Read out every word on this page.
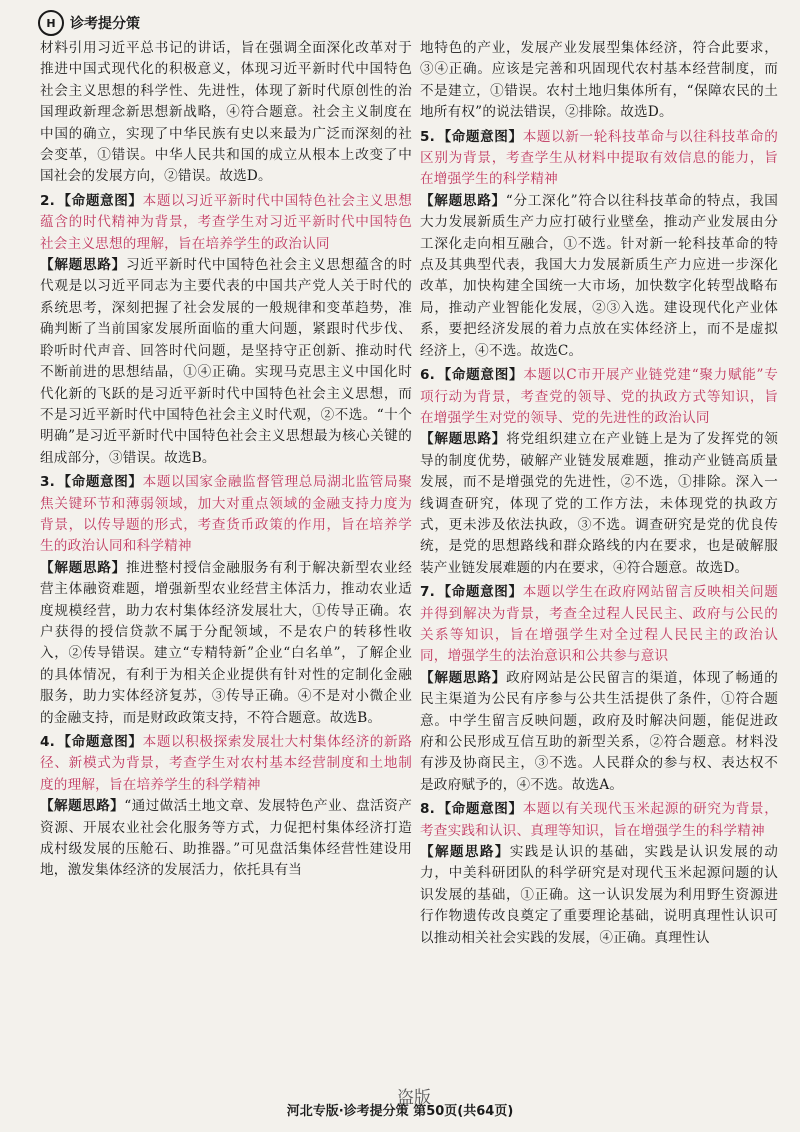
H	诊考提分策

材料引用习近平总书记的讲话，旨在强调全面深化改革对于推进中国式现代化的积极意义，体现习近平新时代中国特色社会主义思想的科学性、先进性，体现了新时代原创性的治国理政新理念新思想新战略，④符合题意。社会主义制度在中国的确立，实现了中华民族有史以来最为广泛而深刻的社会变革，①错误。中华人民共和国的成立从根本上改变了中国社会的发展方向，②错误。故选D。

2. 【命题意图】本题以习近平新时代中国特色社会主义思想蕴含的时代精神为背景，考查学生对习近平新时代中国特色社会主义思想的理解，旨在培养学生的政治认同

【解题思路】习近平新时代中国特色社会主义思想蕴含的时代观是以习近平同志为主要代表的中国共产党人关于时代的系统思考，深刻把握了社会发展的一般规律和变革趋势，准确判断了当前国家发展所面临的重大问题，紧跟时代步伐、聆听时代声音、回答时代问题，是坚持守正创新、推动时代不断前进的思想结晶，①④正确。实现马克思主义中国化时代化新的飞跃的是习近平新时代中国特色社会主义思想，而不是习近平新时代中国特色社会主义时代观，②不选。“十个明确”是习近平新时代中国特色社会主义思想最为核心关键的组成部分，③错误。故选B。

3. 【命题意图】本题以国家金融监督管理总局湖北监管局聚焦关键环节和薄弱领域，加大对重点领域的金融支持力度为背景，以传导题的形式，考查货币政策的作用，旨在培养学生的政治认同和科学精神

【解题思路】推进整村授信金融服务有利于解决新型农业经营主体融资难题，增强新型农业经营主体活力，推动农业适度规模经营，助力农村集体经济发展壮大，①传导正确。农户获得的授信贷款不属于分配领域，不是农户的转移性收入，②传导错误。建立“专精特新”企业“白名单”，了解企业的具体情况，有利于为相关企业提供有针对性的定制化金融服务，助力实体经济复苏，③传导正确。④不是对小微企业的金融支持，而是财政政策支持，不符合题意。故选B。

4. 【命题意图】本题以积极探索发展壮大村集体经济的新路径、新模式为背景，考查学生对农村基本经营制度和土地制度的理解，旨在培养学生的科学精神

【解题思路】“通过做活土地文章、发展特色产业、盘活资产资源、开展农业社会化服务等方式，力促把村集体经济打造成村级发展的压舱石、助推器。”可见盘活集体经营性建设用地，激发集体经济的发展活力，依托具有当

地特色的产业，发展产业发展型集体经济，符合此要求，③④正确。应该是完善和巩固现代农村基本经营制度，而不是建立，①错误。农村土地归集体所有，“保障农民的土地所有权”的说法错误，②排除。故选D。

5. 【命题意图】本题以新一轮科技革命与以往科技革命的区别为背景，考查学生从材料中提取有效信息的能力，旨在增强学生的科学精神

【解题思路】“分工深化”符合以往科技革命的特点，我国大力发展新质生产力应打破行业壁垒，推动产业发展由分工深化走向相互融合，①不选。针对新一轮科技革命的特点及其典型代表，我国大力发展新质生产力应进一步深化改革，加快构建全国统一大市场，加快数字化转型战略布局，推动产业智能化发展，②③入选。建设现代化产业体系，要把经济发展的着力点放在实体经济上，而不是虚拟经济上，④不选。故选C。

6. 【命题意图】本题以C市开展产业链党建“聚力赋能”专项行动为背景，考查党的领导、党的执政方式等知识，旨在增强学生对党的领导、党的先进性的政治认同

【解题思路】将党组织建立在产业链上是为了发挥党的领导的制度优势，破解产业链发展难题，推动产业链高质量发展，而不是增强党的先进性，②不选，①排除。深入一线调查研究，体现了党的工作方法，未体现党的执政方式，更未涉及依法执政，③不选。调查研究是党的优良传统，是党的思想路线和群众路线的内在要求，也是破解服装产业链发展难题的内在要求，④符合题意。故选D。

7. 【命题意图】本题以学生在政府网站留言反映相关问题并得到解决为背景，考查全过程人民民主、政府与公民的关系等知识，旨在增强学生对全过程人民民主的政治认同，增强学生的法治意识和公共参与意识

【解题思路】政府网站是公民留言的渠道，体现了畅通的民主渠道为公民有序参与公共生活提供了条件，①符合题意。中学生留言反映问题，政府及时解决问题，能促进政府和公民形成互信互助的新型关系，②符合题意。材料没有涉及协商民主，③不选。人民群众的参与权、表达权不是政府赋予的，④不选。故选A。

8. 【命题意图】本题以有关现代玉米起源的研究为背景，考查实践和认识、真理等知识，旨在增强学生的科学精神

【解题思路】实践是认识的基础，实践是认识发展的动力，中美科研团队的科学研究是对现代玉米起源问题的认识发展的基础，①正确。这一认识发展为利用野生资源进行作物遗传改良奠定了重要理论基础，说明真理性认识可以推动相关社会实践的发展，④正确。真理性认

盗版
河北专版·诊考提分策 第50页(共64页)
